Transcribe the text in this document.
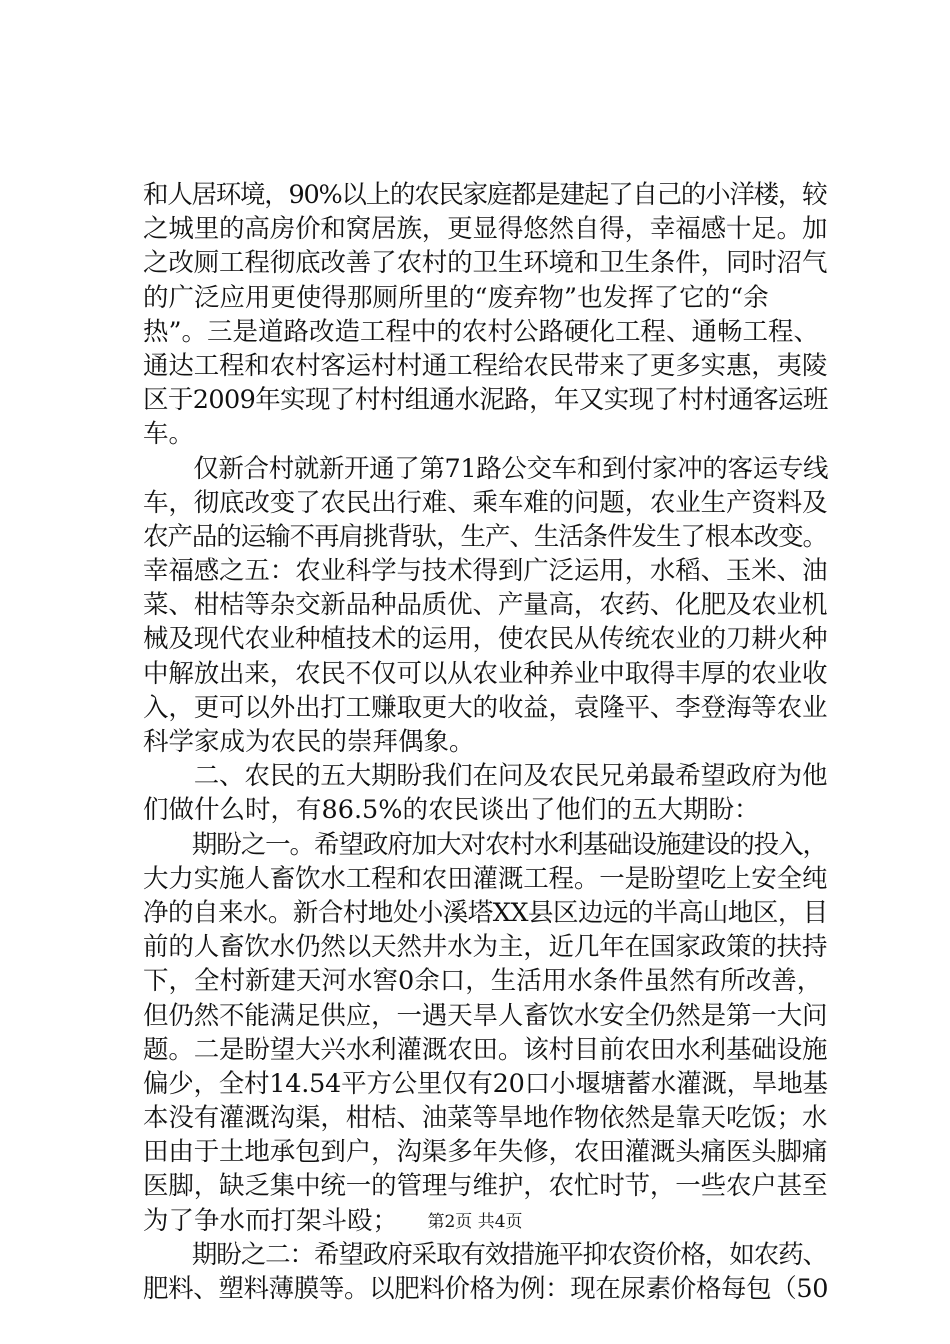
和人居环境，90%以上的农民家庭都是建起了自己的小洋楼，较
之城里的高房价和窝居族，更显得悠然自得，幸福感十足。加
之改厕工程彻底改善了农村的卫生环境和卫生条件，同时沼气
的广泛应用更使得那厕所里的“废弃物”也发挥了它的“余
热”。三是道路改造工程中的农村公路硬化工程、通畅工程、
通达工程和农村客运村村通工程给农民带来了更多实惠，夷陵
区于2009年实现了村村组通水泥路，年又实现了村村通客运班
车。
　　仅新合村就新开通了第71路公交车和到付家冲的客运专线
车，彻底改变了农民出行难、乘车难的问题，农业生产资料及
农产品的运输不再肩挑背驮，生产、生活条件发生了根本改变。
幸福感之五：农业科学与技术得到广泛运用，水稻、玉米、油
菜、柑桔等杂交新品种品质优、产量高，农药、化肥及农业机
械及现代农业种植技术的运用，使农民从传统农业的刀耕火种
中解放出来，农民不仅可以从农业种养业中取得丰厚的农业收
入，更可以外出打工赚取更大的收益，袁隆平、李登海等农业
科学家成为农民的崇拜偶象。
　　二、农民的五大期盼我们在问及农民兄弟最希望政府为他
们做什么时，有86.5%的农民谈出了他们的五大期盼：
　　期盼之一。希望政府加大对农村水利基础设施建设的投入，
大力实施人畜饮水工程和农田灌溉工程。一是盼望吃上安全纯
净的自来水。新合村地处小溪塔XX县区边远的半高山地区，目
前的人畜饮水仍然以天然井水为主，近几年在国家政策的扶持
下，全村新建天河水窖0余口，生活用水条件虽然有所改善，
但仍然不能满足供应，一遇天旱人畜饮水安全仍然是第一大问
题。二是盼望大兴水利灌溉农田。该村目前农田水利基础设施
偏少，全村14.54平方公里仅有20口小堰塘蓄水灌溉，旱地基
本没有灌溉沟渠，柑桔、油菜等旱地作物依然是靠天吃饭；水
田由于土地承包到户，沟渠多年失修，农田灌溉头痛医头脚痛
医脚，缺乏集中统一的管理与维护，农忙时节，一些农户甚至
为了争水而打架斗殴；
　　期盼之二：希望政府采取有效措施平抑农资价格，如农药、
肥料、塑料薄膜等。以肥料价格为例：现在尿素价格每包（50
第2页 共4页
